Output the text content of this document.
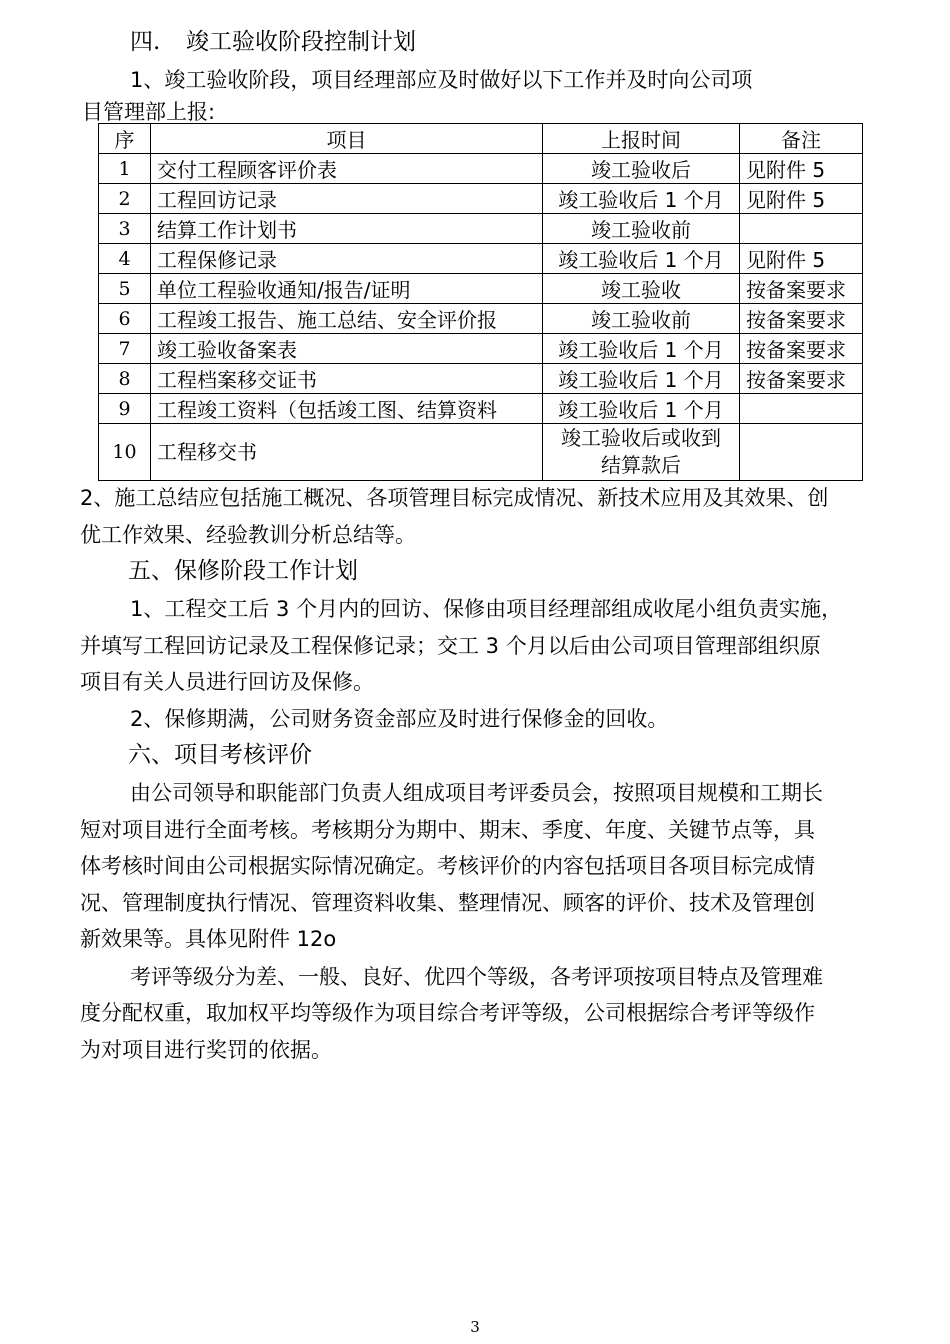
四. 竣工验收阶段控制计划
1、竣工验收阶段，项目经理部应及时做好以下工作并及时向公司项
目管理部上报:
序	项目	上报时间	备注
1	交付工程顾客评价表	竣工验收后	见附件 5
2	工程回访记录	竣工验收后 1 个月	见附件 5
3	结算工作计划书	竣工验收前	
4	工程保修记录	竣工验收后 1 个月	见附件 5
5	单位工程验收通知/报告/证明	竣工验收	按备案要求
6	工程竣工报告、施工总结、安全评价报	竣工验收前	按备案要求
7	竣工验收备案表	竣工验收后 1 个月	按备案要求
8	工程档案移交证书	竣工验收后 1 个月	按备案要求
9	工程竣工资料（包括竣工图、结算资料	竣工验收后 1 个月	
10	工程移交书	竣工验收后或收到
结算款后	

2、施工总结应包括施工概况、各项管理目标完成情况、新技术应用及其效果、创
优工作效果、经验教训分析总结等。
五、保修阶段工作计划
1、工程交工后 3 个月内的回访、保修由项目经理部组成收尾小组负责实施，
并填写工程回访记录及工程保修记录；交工 3 个月以后由公司项目管理部组织原
项目有关人员进行回访及保修。
2、保修期满，公司财务资金部应及时进行保修金的回收。
六、项目考核评价
由公司领导和职能部门负责人组成项目考评委员会，按照项目规模和工期长
短对项目进行全面考核。考核期分为期中、期末、季度、年度、关键节点等，具
体考核时间由公司根据实际情况确定。考核评价的内容包括项目各项目标完成情
况、管理制度执行情况、管理资料收集、整理情况、顾客的评价、技术及管理创
新效果等。具体见附件 12o
考评等级分为差、一般、良好、优四个等级，各考评项按项目特点及管理难
度分配权重，取加权平均等级作为项目综合考评等级，公司根据综合考评等级作
为对项目进行奖罚的依据。
3
